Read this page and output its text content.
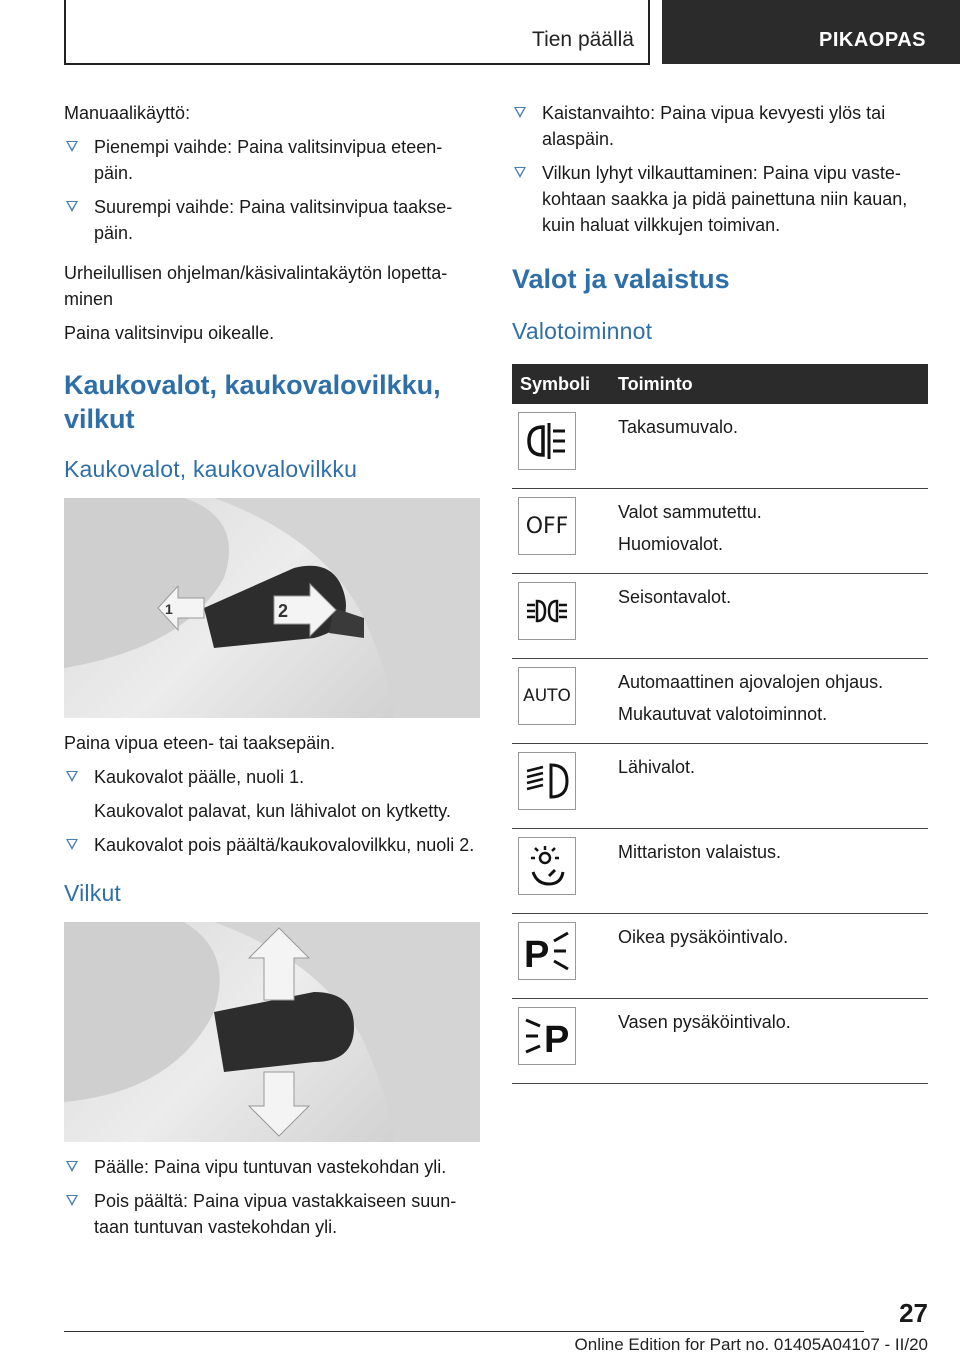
Tien päällä	PIKAOPAS

Manuaalikäyttö:

Pienempi vaihde: Paina valitsinvipua eteen-päin.
Suurempi vaihde: Paina valitsinvipua taakse-päin.

Urheilullisen ohjelman/käsivalintakäytön lopetta-minen

Paina valitsinvipu oikealle.

Kaukovalot, kaukovalovilkku, vilkut
Kaukovalot, kaukovalovilkku
1	2

Paina vipua eteen- tai taaksepäin.

Kaukovalot päälle, nuoli 1.
Kaukovalot palavat, kun lähivalot on kytketty.
Kaukovalot pois päältä/kaukovalovilkku, nuoli 2.
Vilkut
Päälle: Paina vipu tuntuvan vastekohdan yli.
Pois päältä: Paina vipua vastakkaiseen suun-taan tuntuvan vastekohdan yli.
Kaistanvaihto: Paina vipua kevyesti ylös tai alaspäin.
Vilkun lyhyt vilkauttaminen: Paina vipu vaste-kohtaan saakka ja pidä painettuna niin kauan, kuin haluat vilkkujen toimivan.
Valot ja valaistus
Valotoiminnot
Symboli	Toiminto

Takasumuvalo.

OFF	Valot sammutettu.
Huomiovalot.

Seisontavalot.

AUTO	Automaattinen ajovalojen ohjaus.
Mukautuvat valotoiminnot.

Lähivalot.

Mittariston valaistus.

P	Oikea pysäköintivalo.

P	Vasen pysäköintivalo.
27
Online Edition for Part no. 01405A04107 - II/20
